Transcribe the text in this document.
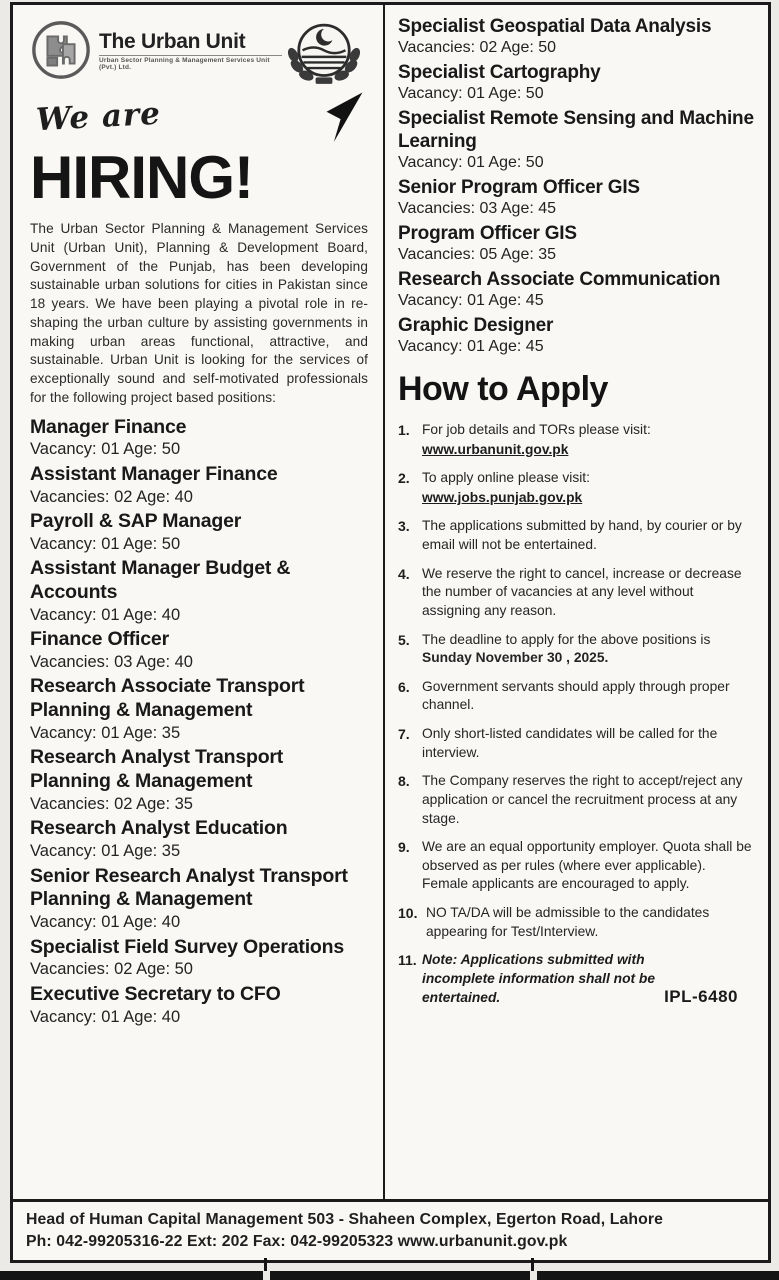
The Urban Unit
Urban Sector Planning & Management Services Unit (Pvt.) Ltd.
We are
HIRING!
The Urban Sector Planning & Management Services Unit (Urban Unit), Planning & Development Board, Government of the Punjab, has been developing sustainable urban solutions for cities in Pakistan since 18 years. We have been playing a pivotal role in re-shaping the urban culture by assisting governments in making urban areas functional, attractive, and sustainable. Urban Unit is looking for the services of exceptionally sound and self-motivated professionals for the following project based positions:
Manager Finance
Vacancy: 01 Age: 50
Assistant Manager Finance
Vacancies: 02 Age: 40
Payroll & SAP Manager
Vacancy: 01 Age: 50
Assistant Manager Budget & Accounts
Vacancy: 01 Age: 40
Finance Officer
Vacancies: 03 Age: 40
Research Associate Transport Planning & Management
Vacancy: 01 Age: 35
Research Analyst Transport Planning & Management
Vacancies: 02 Age: 35
Research Analyst Education
Vacancy: 01 Age: 35
Senior Research Analyst Transport Planning & Management
Vacancy: 01 Age: 40
Specialist Field Survey Operations
Vacancies: 02 Age: 50
Executive Secretary to CFO
Vacancy: 01 Age: 40
Specialist Geospatial Data Analysis
Vacancies: 02 Age: 50
Specialist Cartography
Vacancy: 01 Age: 50
Specialist Remote Sensing and Machine Learning
Vacancy: 01 Age: 50
Senior Program Officer GIS
Vacancies: 03 Age: 45
Program Officer GIS
Vacancies: 05 Age: 35
Research Associate Communication
Vacancy: 01 Age: 45
Graphic Designer
Vacancy: 01 Age: 45
How to Apply
1. For job details and TORs please visit:
www.urbanunit.gov.pk
2. To apply online please visit:
www.jobs.punjab.gov.pk
3. The applications submitted by hand, by courier or by email will not be entertained.
4. We reserve the right to cancel, increase or decrease the number of vacancies at any level without assigning any reason.
5. The deadline to apply for the above positions is Sunday November 30 , 2025.
6. Government servants should apply through proper channel.
7. Only short-listed candidates will be called for the interview.
8. The Company reserves the right to accept/reject any application or cancel the recruitment process at any stage.
9. We are an equal opportunity employer. Quota shall be observed as per rules (where ever applicable). Female applicants are encouraged to apply.
10. NO TA/DA will be admissible to the candidates appearing for Test/Interview.
11. Note: Applications submitted with incomplete information shall not be entertained.	IPL-6480
Head of Human Capital Management 503 - Shaheen Complex, Egerton Road, Lahore
Ph: 042-99205316-22 Ext: 202 Fax: 042-99205323 www.urbanunit.gov.pk
